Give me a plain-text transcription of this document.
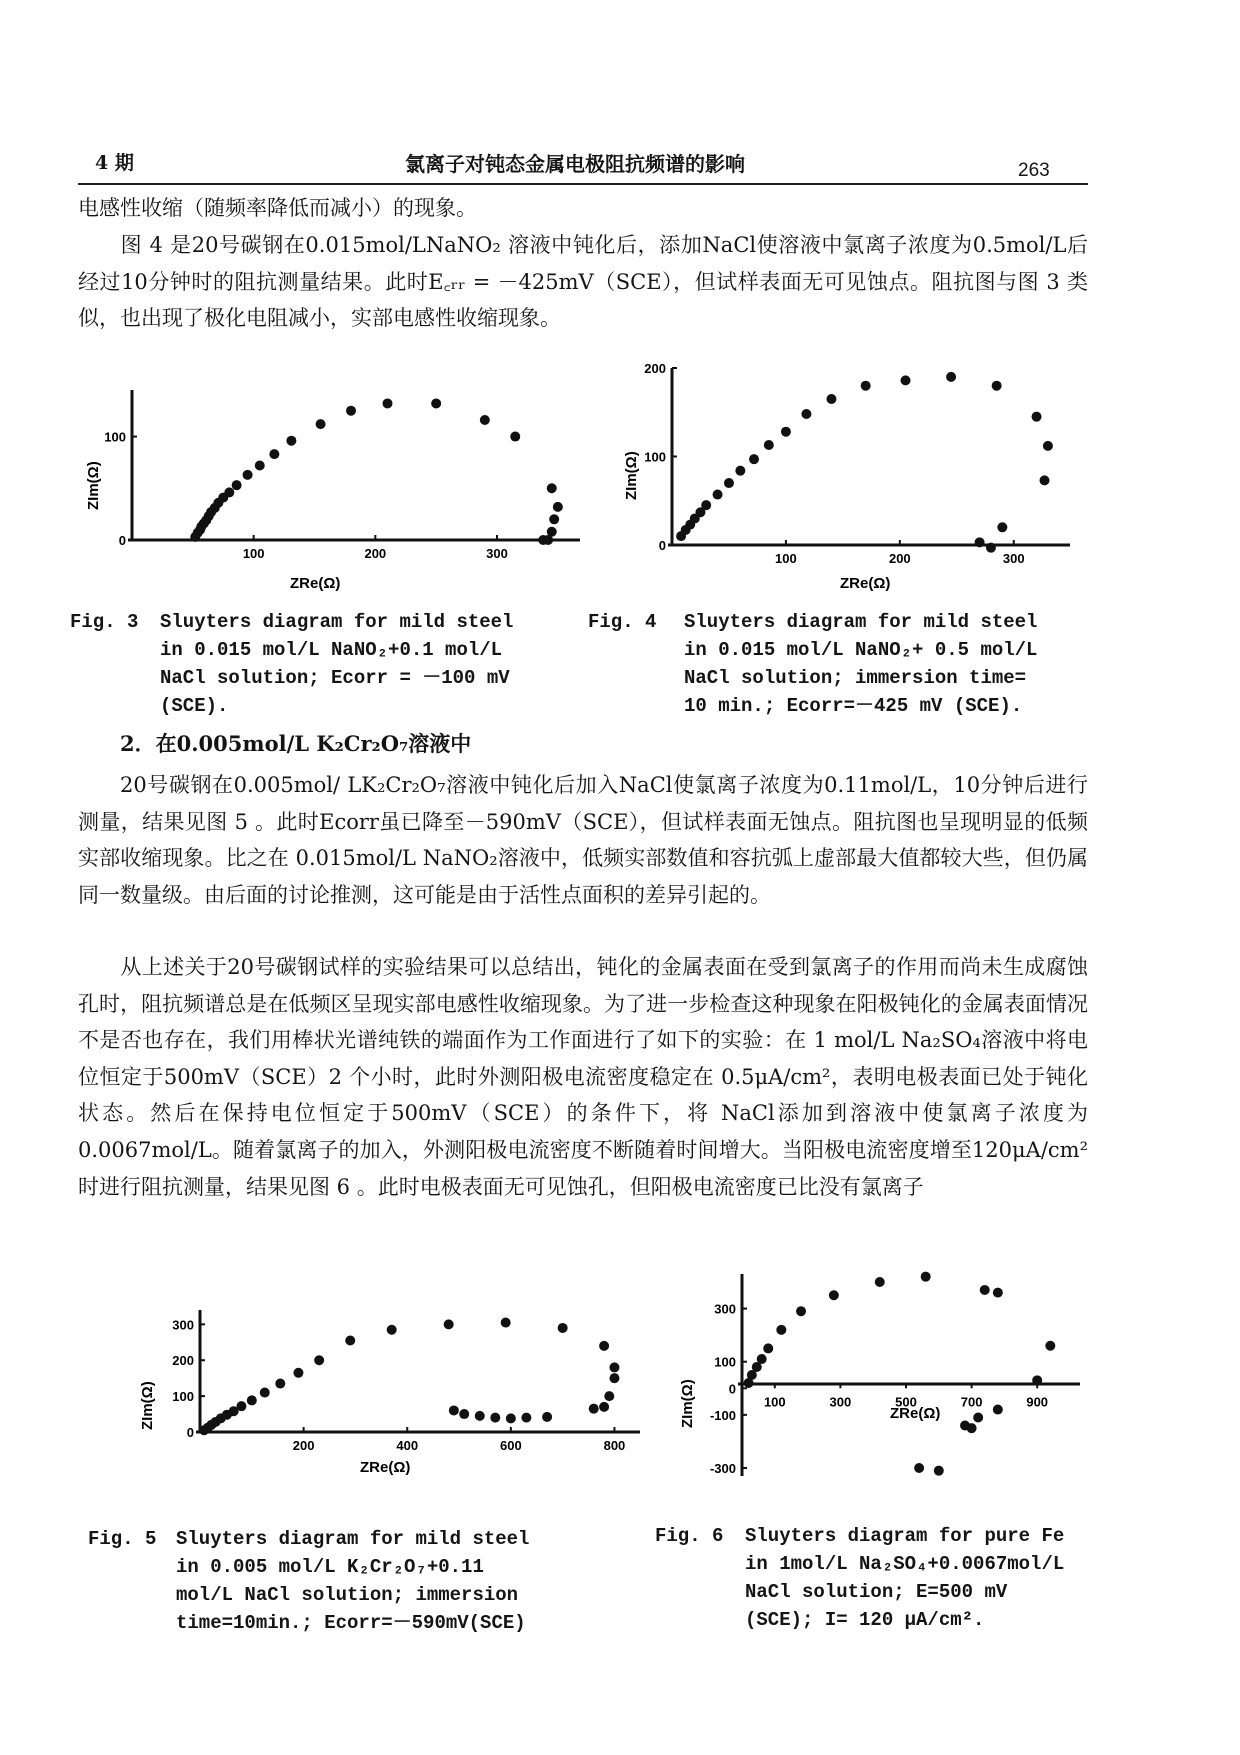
4 期	氯离子对钝态金属电极阻抗频谱的影响	263
电感性收缩（随频率降低而减小）的现象。
图 4 是20号碳钢在0.015mol/LNaNO₂ 溶液中钝化后，添加NaCl使溶液中氯离子浓度为0.5mol/L后经过10分钟时的阻抗测量结果。此时E꜀ᵣᵣ = －425mV（SCE），但试样表面无可见蚀点。阻抗图与图 3 类似，也出现了极化电阻减小，实部电感性收缩现象。
ZRe(Ω)
ZIm(Ω)
100	200	300
0
100
ZRe(Ω)
ZIm(Ω)
100	200	300
0
100
200
Fig. 3 Sluyters diagram for mild steel
in 0.015 mol/L NaNO₂+0.1 mol/L
NaCl solution; Ecorr = －100 mV
(SCE).
Fig. 4 Sluyters diagram for mild steel
in 0.015 mol/L NaNO₂+ 0.5 mol/L
NaCl solution; immersion time=
10 min.; Ecorr=－425 mV (SCE).
2．在0.005mol/L K₂Cr₂O₇溶液中
20号碳钢在0.005mol/ LK₂Cr₂O₇溶液中钝化后加入NaCl使氯离子浓度为0.11mol/L，10分钟后进行测量，结果见图 5 。此时Ecorr虽已降至－590mV（SCE），但试样表面无蚀点。阻抗图也呈现明显的低频实部收缩现象。比之在 0.015mol/L NaNO₂溶液中，低频实部数值和容抗弧上虚部最大值都较大些，但仍属同一数量级。由后面的讨论推测，这可能是由于活性点面积的差异引起的。
从上述关于20号碳钢试样的实验结果可以总结出，钝化的金属表面在受到氯离子的作用而尚未生成腐蚀孔时，阻抗频谱总是在低频区呈现实部电感性收缩现象。为了进一步检查这种现象在阳极钝化的金属表面情况不是否也存在，我们用棒状光谱纯铁的端面作为工作面进行了如下的实验：在 1 mol/L Na₂SO₄溶液中将电位恒定于500mV（SCE）2 个小时，此时外测阳极电流密度稳定在 0.5μA/cm²，表明电极表面已处于钝化状态。然后在保持电位恒定于500mV（SCE）的条件下，将 NaCl添加到溶液中使氯离子浓度为0.0067mol/L。随着氯离子的加入，外测阳极电流密度不断随着时间增大。当阳极电流密度增至120μA/cm² 时进行阻抗测量，结果见图 6 。此时电极表面无可见蚀孔，但阳极电流密度已比没有氯离子
ZRe(Ω)
ZIm(Ω)
200	400	600	800
0
100
200
300
ZRe(Ω)
ZIm(Ω)	100	300	500	700	900
-300
-100
0
100
300
Fig. 5 Sluyters diagram for mild steel
in 0.005 mol/L K₂Cr₂O₇+0.11
mol/L NaCl solution; immersion
time=10min.; Ecorr=－590mV(SCE)
Fig. 6 Sluyters diagram for pure Fe
in 1mol/L Na₂SO₄+0.0067mol/L
NaCl solution; E=500 mV
(SCE); I= 120 μA/cm².
